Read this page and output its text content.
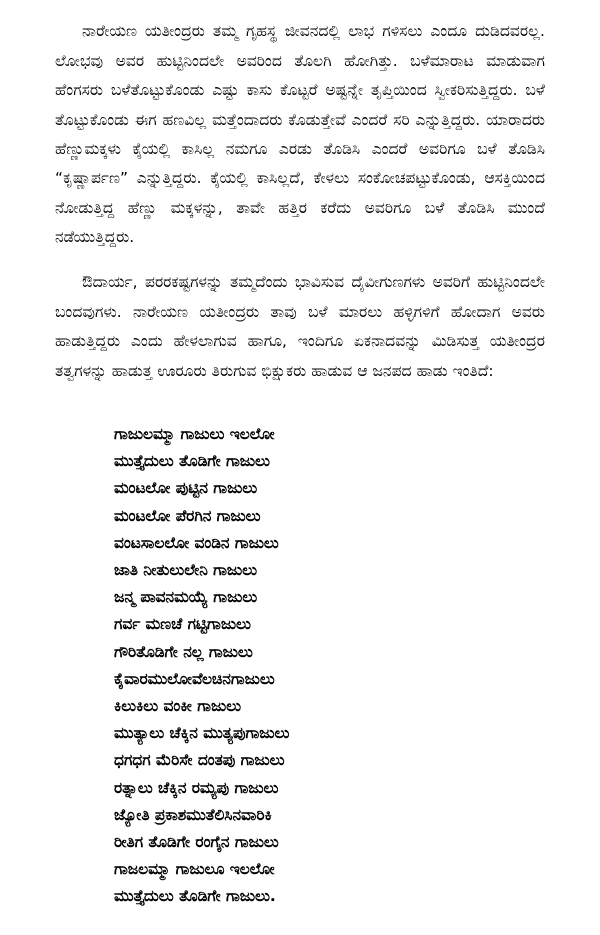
ನಾರೇಯಣ ಯತೀಂದ್ರರು ತಮ್ಮ ಗೃಹಸ್ಥ ಜೀವನದಲ್ಲಿ ಲಾಭ ಗಳಿಸಲು ಎಂದೂ ದುಡಿದವರಲ್ಲ. ಲೋಭವು ಅವರ ಹುಟ್ಟಿನಿಂದಲೇ ಅವರಿಂದ ತೊಲಗಿ ಹೋಗಿತ್ತು. ಬಳೆಮಾರಾಟ ಮಾಡುವಾಗ ಹೆಂಗಸರು ಬಳೆತೊಟ್ಟುಕೊಂಡು ಎಷ್ಟು ಕಾಸು ಕೊಟ್ಟರೆ ಅಷ್ಟನ್ನೇ ತೃಪ್ತಿಯಿಂದ ಸ್ವೀಕರಿಸುತ್ತಿದ್ದರು. ಬಳೆ ತೊಟ್ಟುಕೊಂಡು ಈಗ ಹಣವಿಲ್ಲ ಮತ್ತೆಂದಾದರು ಕೊಡುತ್ತೇವೆ ಎಂದರೆ ಸರಿ ಎನ್ನುತ್ತಿದ್ದರು. ಯಾರಾದರು ಹೆಣ್ಣುಮಕ್ಕಳು ಕೈಯಲ್ಲಿ ಕಾಸಿಲ್ಲ ನಮಗೂ ಎರಡು ತೊಡಿಸಿ ಎಂದರೆ ಅವರಿಗೂ ಬಳೆ ತೊಡಿಸಿ “ಕೃಷ್ಣಾರ್ಪಣ” ಎನ್ನುತ್ತಿದ್ದರು. ಕೈಯಲ್ಲಿ ಕಾಸಿಲ್ಲದೆ, ಕೇಳಲು ಸಂಕೋಚಪಟ್ಟುಕೊಂಡು, ಆಸಕ್ತಿಯಿಂದ ನೋಡುತ್ತಿದ್ದ ಹೆಣ್ಣು ಮಕ್ಕಳನ್ನು, ತಾವೇ ಹತ್ತಿರ ಕರೆದು ಅವರಿಗೂ ಬಳೆ ತೊಡಿಸಿ ಮುಂದೆ ನಡೆಯುತ್ತಿದ್ದರು.

ಔದಾರ್ಯ, ಪರರಕಷ್ಟಗಳನ್ನು ತಮ್ಮದೆಂದು ಭಾವಿಸುವ ದೈವೀಗುಣಗಳು ಅವರಿಗೆ ಹುಟ್ಟಿನಿಂದಲೇ ಬಂದವುಗಳು. ನಾರೇಯಣ ಯತೀಂದ್ರರು ತಾವು ಬಳೆ ಮಾರಲು ಹಳ್ಳಿಗಳಿಗೆ ಹೋದಾಗ ಅವರು ಹಾಡುತ್ತಿದ್ದರು ಎಂದು ಹೇಳಲಾಗುವ ಹಾಗೂ, ಇಂದಿಗೂ ಏಕನಾದವನ್ನು ಮಿಡಿಸುತ್ತ ಯತೀಂದ್ರರ ತತ್ವಗಳನ್ನು ಹಾಡುತ್ತ ಊರೂರು ತಿರುಗುವ ಭಿಕ್ಷುಕರು ಹಾಡುವ ಆ ಜನಪದ ಹಾಡು ಇಂತಿದೆ:

ಗಾಜುಲಮ್ಮಾ ಗಾಜುಲು ಇಲಲೋ
ಮುತ್ತೈದುಲು ತೊಡಿಗೇ ಗಾಜುಲು
ಮಂಟಲೋ ಪುಟ್ಟಿನ ಗಾಜುಲು
ಮಂಟಲೋ ಪೆರಗಿನ ಗಾಜುಲು
ವಂಟಸಾಲಲೋ ವಂಡಿನ ಗಾಜುಲು
ಜಾತಿ ನೀತುಲುಲೇನಿ ಗಾಜುಲು
ಜನ್ಮ ಪಾವನಮಯ್ಯೆ ಗಾಜುಲು
ಗರ್ವ ಮಣಚೆ ಗಟ್ಟಿಗಾಜುಲು
ಗೌರಿತೊಡಿಗೇ ನಲ್ಲ ಗಾಜುಲು
ಕೈವಾರಮುಲೋವೆಲಚಿನಗಾಜುಲು
ಕಿಲುಕಿಲು ವಂಕೀ ಗಾಜುಲು
ಮುತ್ಯಾಲು ಚೆಕ್ಕಿನ ಮುತ್ಯಪುಗಾಜುಲು
ಧಗಧಗ ಮೆರಿಸೇ ದಂತಪು ಗಾಜುಲು
ರತ್ನಾಲು ಚೆಕ್ಕಿನ ರಮ್ಯಪು ಗಾಜುಲು
ಜ್ಯೋತಿ ಪ್ರಕಾಶಮುತೆಲಿಸಿನವಾರಿಕಿ
ರೀತಿಗ ತೊಡಿಗೇ ರಂಗೈನ ಗಾಜುಲು
ಗಾಜಲಮ್ಮಾ ಗಾಜುಲೂ ಇಲಲೋ
ಮುತ್ತೈದುಲು ತೊಡಿಗೇ ಗಾಜುಲು.
